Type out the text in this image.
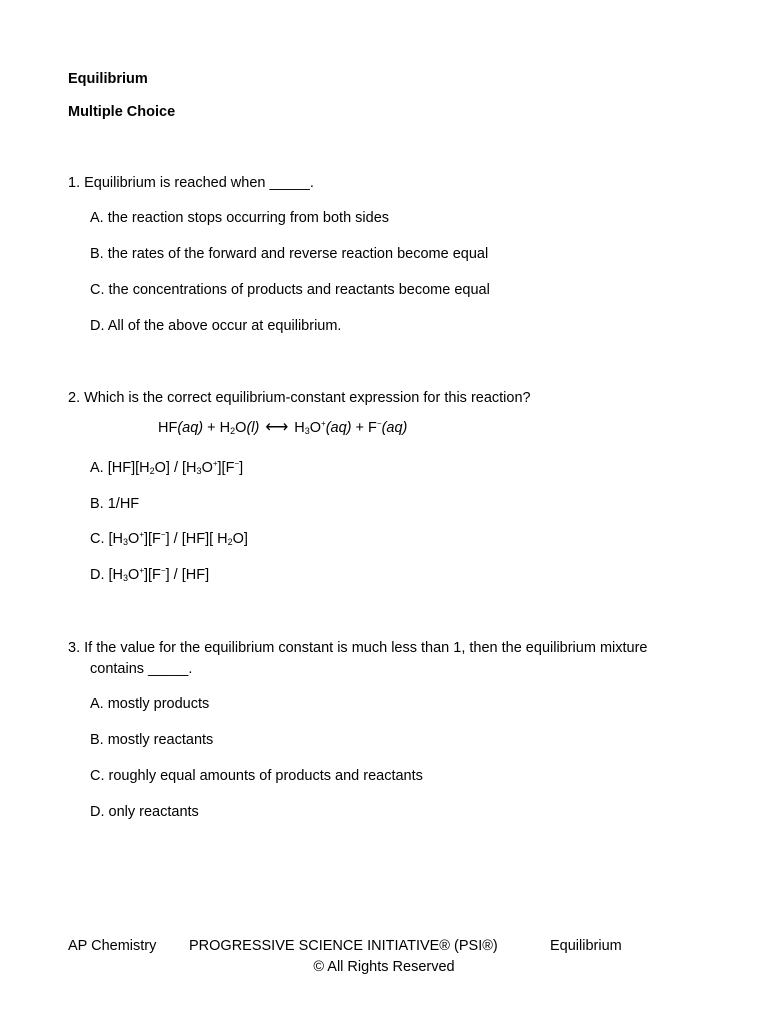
Equilibrium
Multiple Choice
1. Equilibrium is reached when _____.
A. the reaction stops occurring from both sides
B. the rates of the forward and reverse reaction become equal
C. the concentrations of products and reactants become equal
D. All of the above occur at equilibrium.
2. Which is the correct equilibrium-constant expression for this reaction?
$HF(aq) + H_2O(l)$ ⟷ $H_3O^+(aq) + F^-(aq)$
A. $[HF][H_2O] / [H_3O^+][F^-]$
B. 1/HF
C. $[H_3O^+][F^-] / [HF]$[ $H_2O$]
D. $[H_3O^+][F^-] / [HF]$
3. If the value for the equilibrium constant is much less than 1, then the equilibrium mixture
contains _____.
A. mostly products
B. mostly reactants
C. roughly equal amounts of products and reactants
D. only reactants
AP Chemistry PROGRESSIVE SCIENCE INITIATIVE® (PSI®)	Equilibrium
© All Rights Reserved
